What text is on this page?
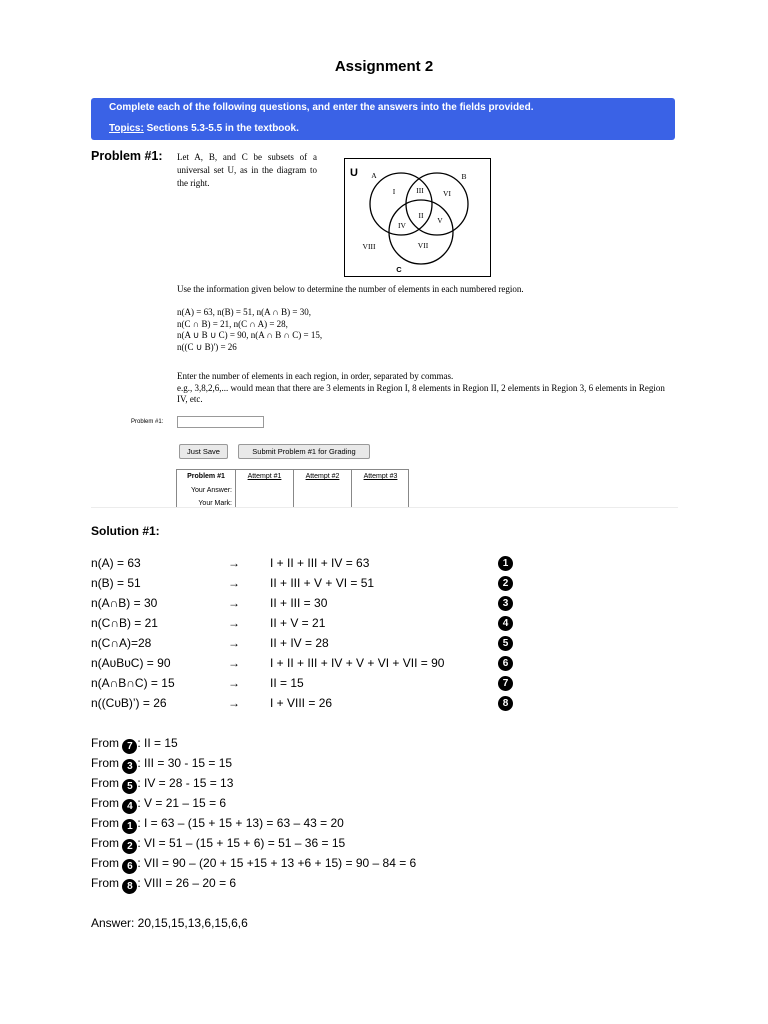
Assignment 2
Complete each of the following questions, and enter the answers into the fields provided.
Topics: Sections 5.3-5.5 in the textbook.
Problem #1: Let A, B, and C be subsets of a universal set U, as in the diagram to the right.
U A	B
C
I
II
III
IV
V
VI
VII
VIII
Use the information given below to determine the number of elements in each numbered region.
n(A) = 63, n(B) = 51, n(A ∩ B) = 30,
n(C ∩ B) = 21, n(C ∩ A) = 28,
n(A ∪ B ∪ C) = 90, n(A ∩ B ∩ C) = 15,
n((C ∪ B)') = 26
Enter the number of elements in each region, in order, separated by commas.
e.g., 3,8,2,6,... would mean that there are 3 elements in Region I, 8 elements in Region II, 2 elements in Region 3, 6 elements in Region IV, etc.
Problem #1:
Just Save	Submit Problem #1 for Grading
Problem #1
Your Answer:
Your Mark:
Attempt #1	Attempt #2	Attempt #3
Solution #1:
n(A) = 63	→	I + II + III + IV = 63	1
n(B) = 51	→	II + III + V + VI = 51	2
n(A∩B) = 30	→	II + III = 30	3
n(C∩B) = 21	→	II + V = 21	4
n(C∩A)=28	→	II + IV = 28	5
n(AᴜBᴜC) = 90	→	I + II + III + IV + V + VI + VII = 90	6
n(A∩B∩C) = 15	→	II = 15	7
n((CᴜB)’) = 26	→	I + VIII = 26	8
From 7 : II = 15
From 3 : III = 30 - 15 = 15
From 5 : IV = 28 - 15 = 13
From 4 : V = 21 – 15 = 6
From 1 : I = 63 – (15 + 15 + 13) = 63 – 43 = 20
From 2 : VI = 51 – (15 + 15 + 6) = 51 – 36 = 15
From 6 : VII = 90 – (20 + 15 +15 + 13 +6 + 15) = 90 – 84 = 6
From 8 : VIII = 26 – 20 = 6
Answer: 20,15,15,13,6,15,6,6
